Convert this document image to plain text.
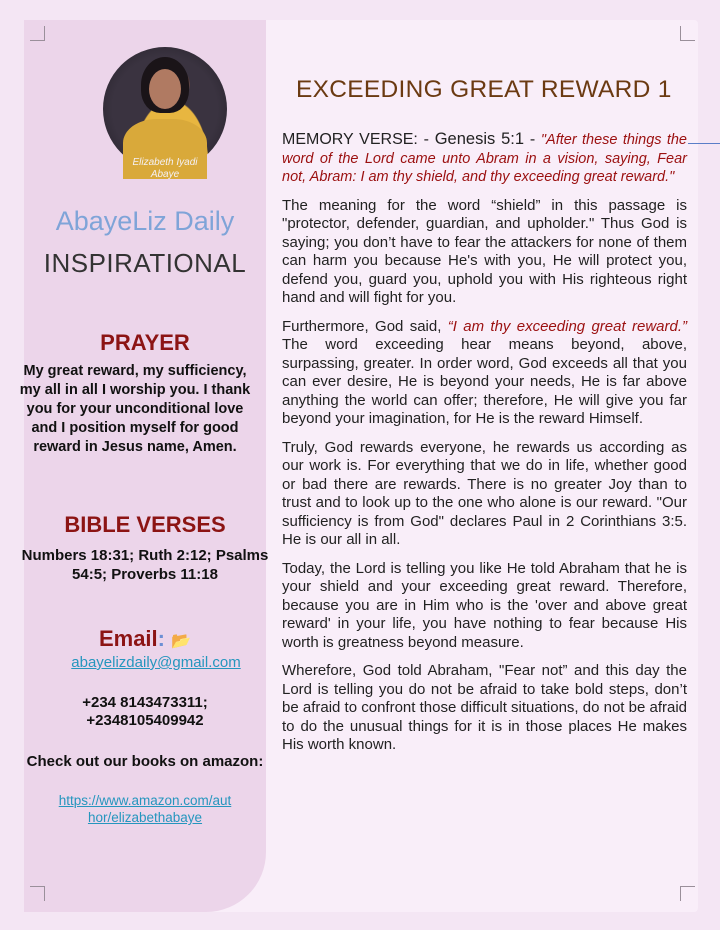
Elizabeth Iyadi
Abaye
AbayeLiz Daily
INSPIRATIONAL
PRAYER
My great reward, my sufficiency, my all in all I worship you. I thank you for your unconditional love and I position myself for good reward in Jesus name, Amen.
BIBLE VERSES
Numbers 18:31; Ruth 2:12; Psalms 54:5; Proverbs 11:18
Email: 📂
abayelizdaily@gmail.com
+234 8143473311;
+2348105409942
Check out our books on amazon:
https://www.amazon.com/author/elizabethabaye
EXCEEDING GREAT REWARD 1

MEMORY VERSE: - Genesis 5:1 - "After these things the word of the Lord came unto Abram in a vision, saying, Fear not, Abram: I am thy shield, and thy exceeding great reward."

The meaning for the word “shield” in this passage is "protector, defender, guardian, and upholder." Thus God is saying; you don’t have to fear the attackers for none of them can harm you because He's with you, He will protect you, defend you, guard you, uphold you with His righteous right hand and will fight for you.

Furthermore, God said, “I am thy exceeding great reward.” The word exceeding hear means beyond, above, surpassing, greater. In order word, God exceeds all that you can ever desire, He is beyond your needs, He is far above anything the world can offer; therefore, He will give you far beyond your imagination, for He is the reward Himself.

Truly, God rewards everyone, he rewards us according as our work is. For everything that we do in life, whether good or bad there are rewards. There is no greater Joy than to trust and to look up to the one who alone is our reward. "Our sufficiency is from God" declares Paul in 2 Corinthians 3:5. He is our all in all.

Today, the Lord is telling you like He told Abraham that he is your shield and your exceeding great reward. Therefore, because you are in Him who is the 'over and above great reward' in your life, you have nothing to fear because His worth is greatness beyond measure.

Wherefore, God told Abraham, "Fear not” and this day the Lord is telling you do not be afraid to take bold steps, don’t be afraid to confront those difficult situations, do not be afraid to do the unusual things for it is in those places He makes His worth known.
